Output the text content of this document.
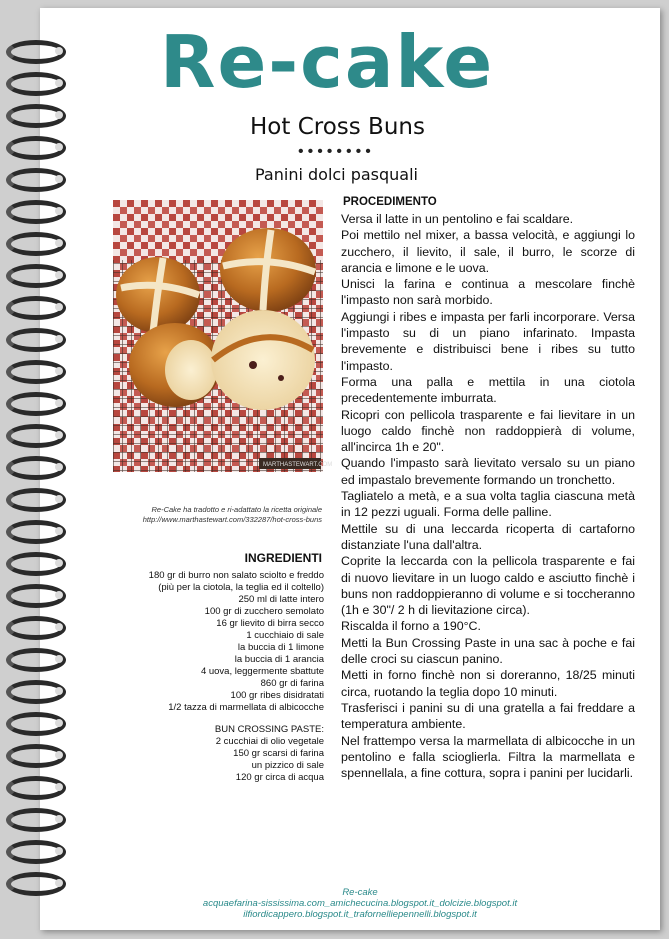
Re-cake
Hot Cross Buns
••••••••
Panini dolci pasquali
MARTHASTEWART.COM
Re-Cake ha tradotto e ri-adattato la ricetta originale
http://www.marthastewart.com/332287/hot-cross-buns
INGREDIENTI
180 gr di burro non salato sciolto e freddo
(più per la ciotola, la teglia ed il coltello)
250 ml di latte intero
100 gr di zucchero semolato
16 gr lievito di birra secco
1 cucchiaio di sale
la buccia di 1 limone
la buccia di 1 arancia
4 uova, leggermente sbattute
860 gr di farina
100 gr ribes disidratati
1/2 tazza di marmellata di albicocche
BUN CROSSING PASTE:
2 cucchiai di olio vegetale
150 gr scarsi di farina
un pizzico di sale
120 gr circa di acqua
PROCEDIMENTO

Versa il latte in un pentolino e fai scaldare.

Poi mettilo nel mixer, a bassa velocità, e aggiungi lo zucchero, il lievito, il sale, il burro, le scorze di arancia e limone e le uova.

Unisci la farina e continua a mescolare finchè l'impasto non sarà morbido.

Aggiungi i ribes e impasta per farli incorporare. Versa l'impasto su di un piano infarinato. Impasta brevemente e distribuisci bene i ribes su tutto l'impasto.

Forma una palla e mettila in una ciotola precedentemente imburrata.

Ricopri con pellicola trasparente e fai lievitare in un luogo caldo finchè non raddoppierà di volume, all'incirca 1h e 20".

Quando l'impasto sarà lievitato versalo su un piano ed impastalo brevemente formando un tronchetto.

Tagliatelo a metà, e a sua volta taglia ciascuna metà in 12 pezzi uguali. Forma delle palline.

Mettile su di una leccarda ricoperta di cartaforno distanziate l'una dall'altra.

Coprite la leccarda con la pellicola trasparente e fai di nuovo lievitare in un luogo caldo e asciutto finchè i buns non raddoppieranno di volume e si toccheranno (1h e 30"/ 2 h di lievitazione circa).

Riscalda il forno a 190°C.

Metti la Bun Crossing Paste in una sac à poche e fai delle croci su ciascun panino.

Metti in forno finchè non si doreranno, 18/25 minuti circa, ruotando la teglia dopo 10 minuti.

Trasferisci i panini su di una gratella a fai freddare a temperatura ambiente.

Nel frattempo versa la marmellata di albicocche in un pentolino e falla scioglierla. Filtra la marmellata e spennellala, a fine cottura, sopra i panini per lucidarli.

Re-cake
acquaefarina-sississima.com_amichecucina.blogspot.it_dolcizie.blogspot.it
ilfiordicappero.blogspot.it_trafornelliepennelli.blogspot.it
